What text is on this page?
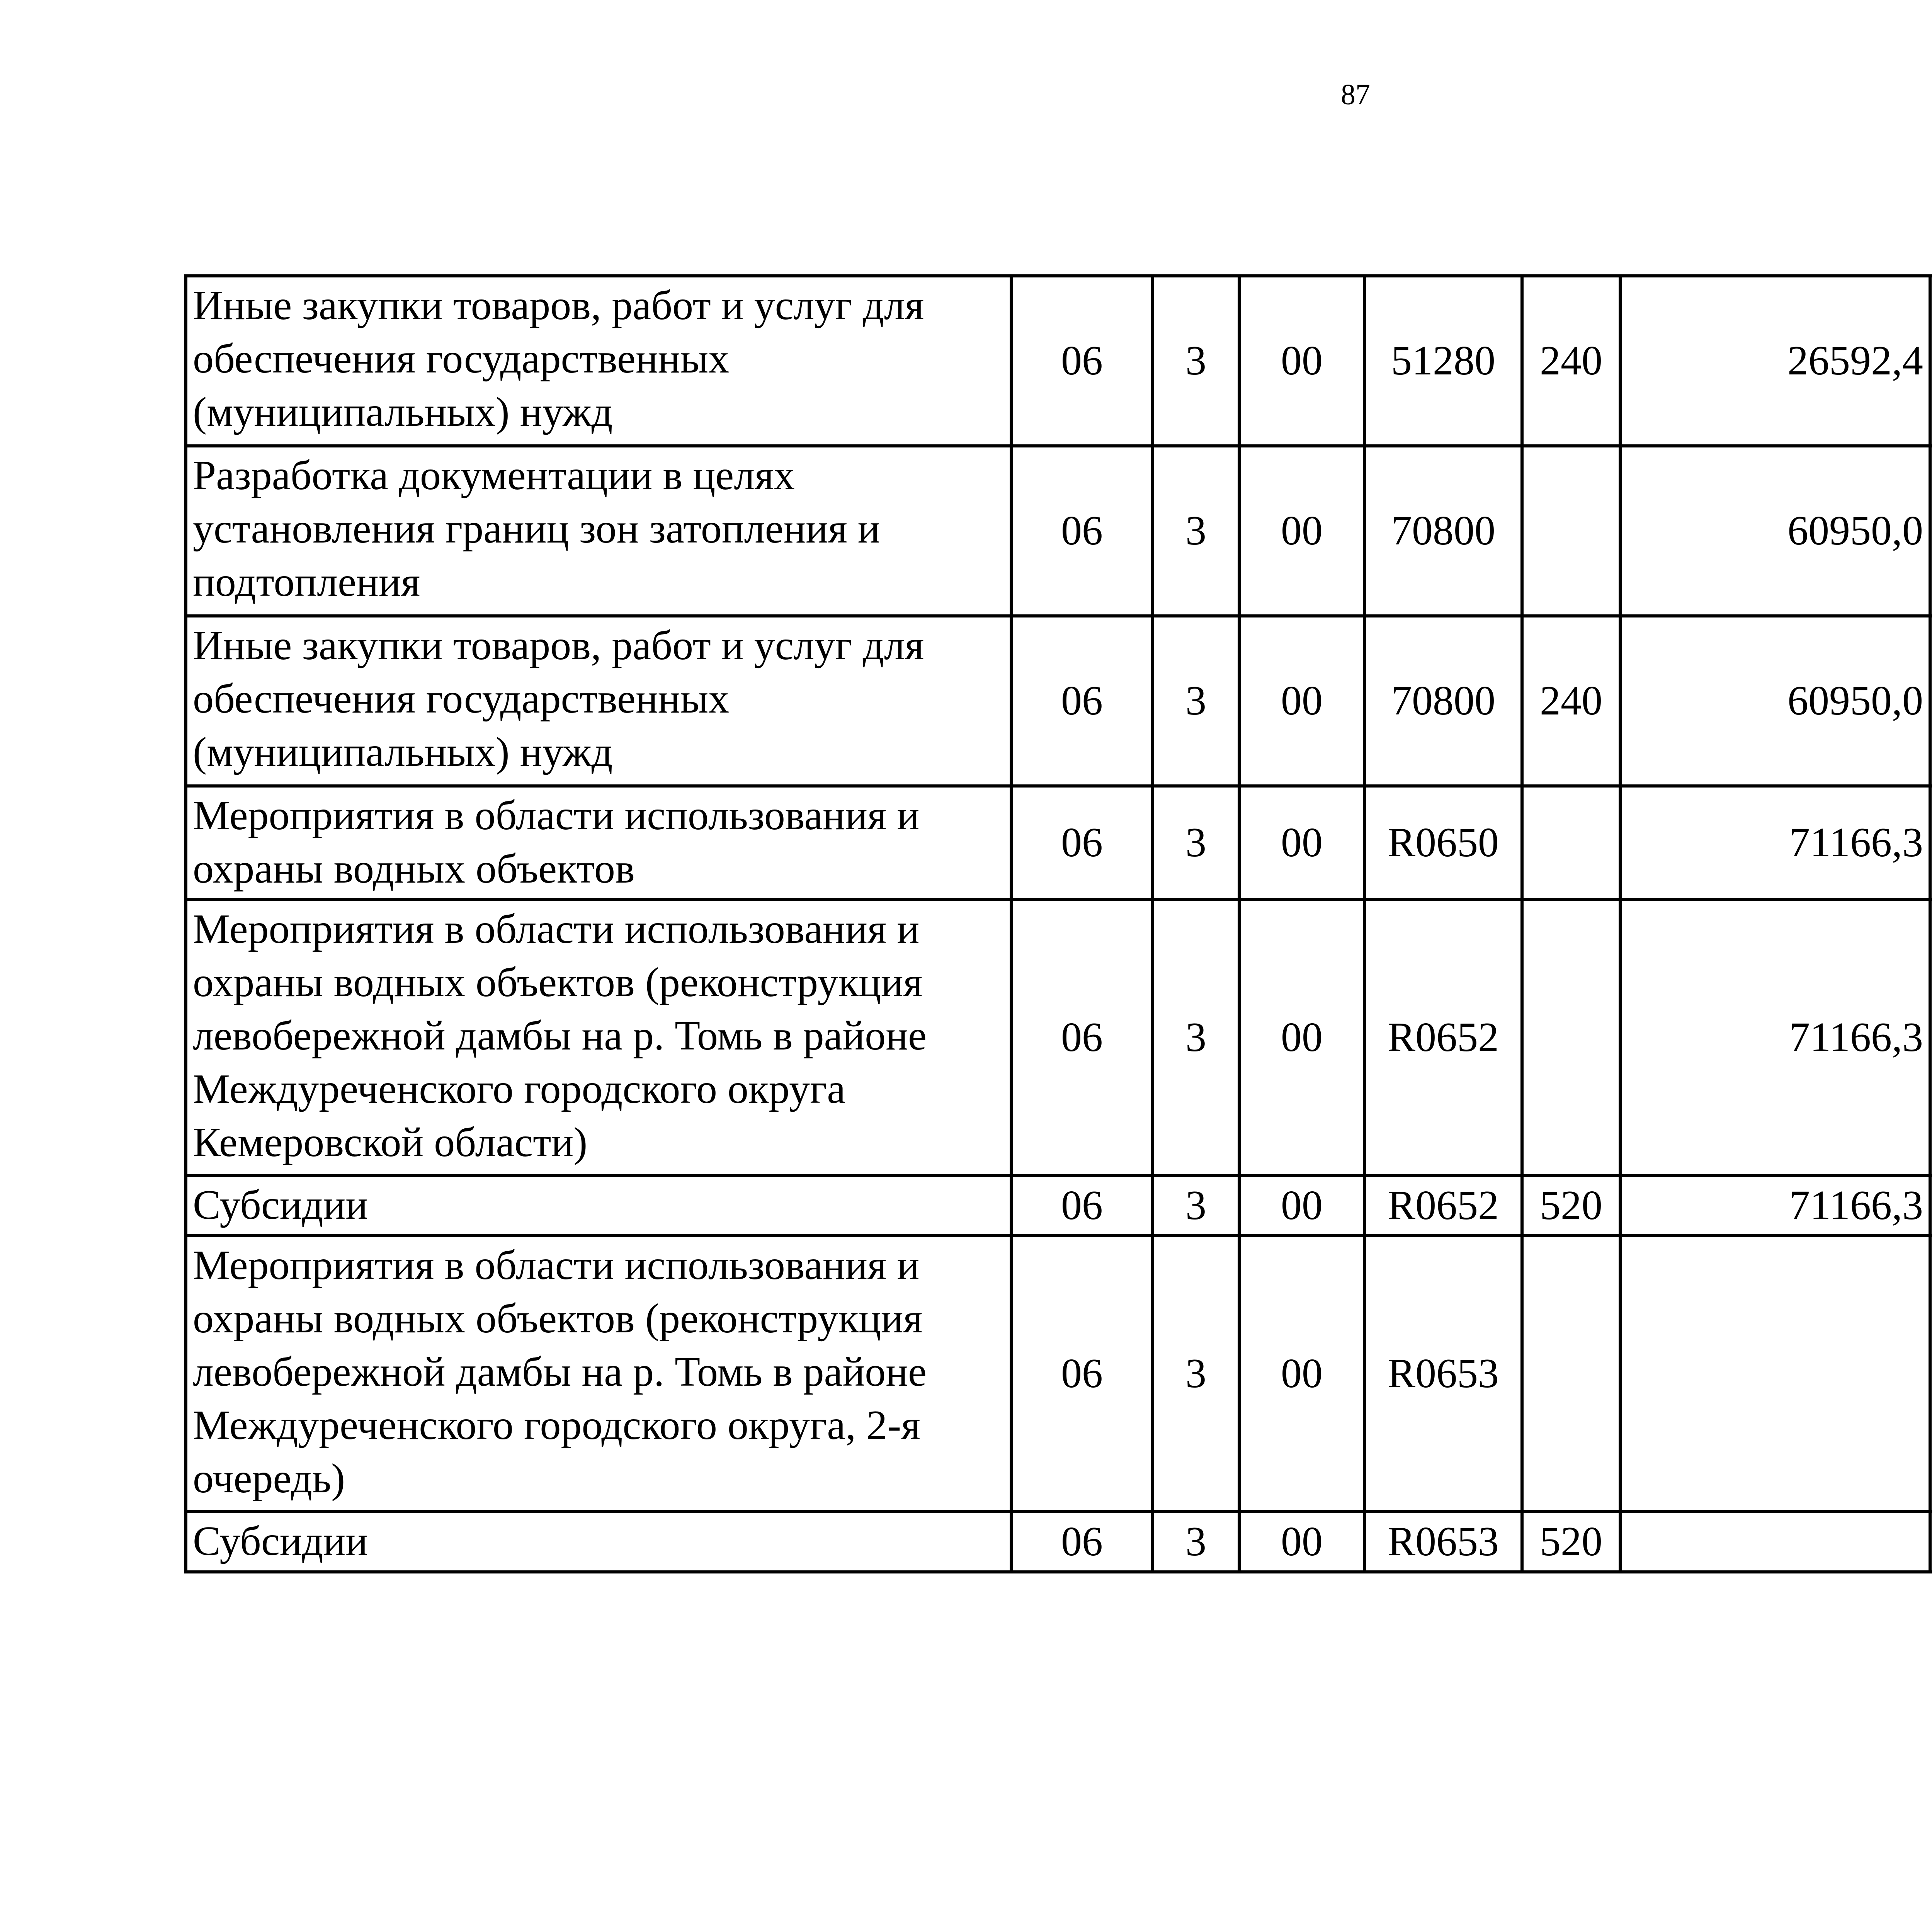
87
Иные закупки товаров, работ и услуг для обеспечения государственных (муниципальных) нужд	06	3	00	51280	240	26592,4		
Разработка документации в целях установления границ зон затопления и подтопления	06	3	00	70800		60950,0		
Иные закупки товаров, работ и услуг для обеспечения государственных (муниципальных) нужд	06	3	00	70800	240	60950,0		
Мероприятия в области использования и охраны водных объектов	06	3	00	R0650		71166,3		
Мероприятия в области использования и охраны водных объектов (реконструкция левобережной дамбы на р. Томь в районе Междуреченского городского округа Кемеровской области)	06	3	00	R0652		71166,3		
Субсидии	06	3	00	R0652	520	71166,3		
Мероприятия в области использования и охраны водных объектов (реконструкция левобережной дамбы на р. Томь в районе Междуреченского городского округа, 2-я очередь)	06	3	00	R0653				
Субсидии	06	3	00	R0653	520			
